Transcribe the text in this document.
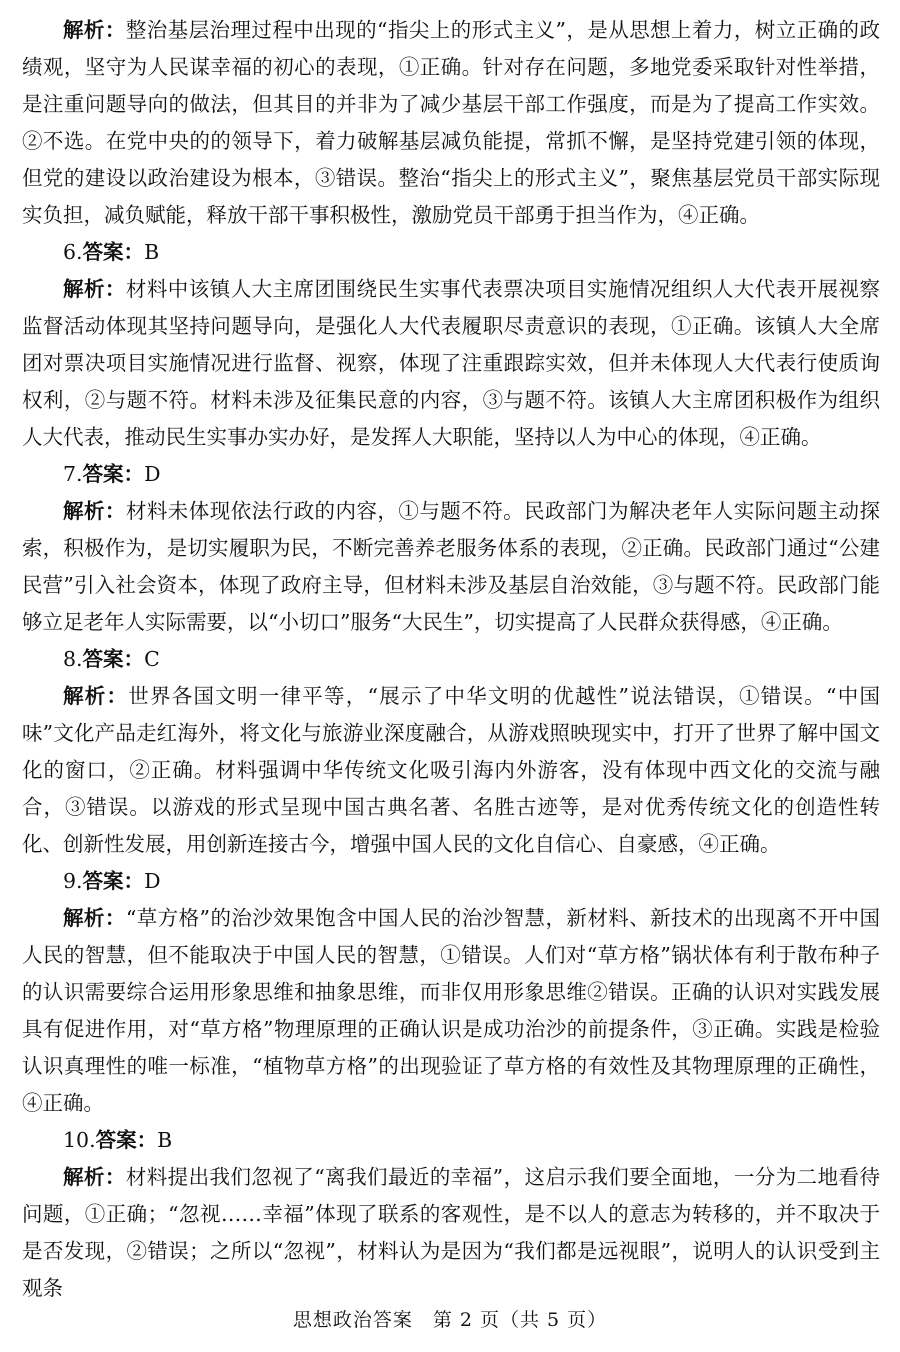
解析：整治基层治理过程中出现的“指尖上的形式主义”，是从思想上着力，树立正确的政绩观，坚守为人民谋幸福的初心的表现，①正确。针对存在问题，多地党委采取针对性举措，是注重问题导向的做法，但其目的并非为了减少基层干部工作强度，而是为了提高工作实效。②不选。在党中央的的领导下，着力破解基层减负能提，常抓不懈，是坚持党建引领的体现，但党的建设以政治建设为根本，③错误。整治“指尖上的形式主义”，聚焦基层党员干部实际现实负担，减负赋能，释放干部干事积极性，激励党员干部勇于担当作为，④正确。

6.答案：B

解析：材料中该镇人大主席团围绕民生实事代表票决项目实施情况组织人大代表开展视察监督活动体现其坚持问题导向，是强化人大代表履职尽责意识的表现，①正确。该镇人大全席团对票决项目实施情况进行监督、视察，体现了注重跟踪实效，但并未体现人大代表行使质询权利，②与题不符。材料未涉及征集民意的内容，③与题不符。该镇人大主席团积极作为组织人大代表，推动民生实事办实办好，是发挥人大职能，坚持以人为中心的体现，④正确。

7.答案：D

解析：材料未体现依法行政的内容，①与题不符。民政部门为解决老年人实际问题主动探索，积极作为，是切实履职为民，不断完善养老服务体系的表现，②正确。民政部门通过“公建民营”引入社会资本，体现了政府主导，但材料未涉及基层自治效能，③与题不符。民政部门能够立足老年人实际需要，以“小切口”服务“大民生”，切实提高了人民群众获得感，④正确。

8.答案：C

解析：世界各国文明一律平等，“展示了中华文明的优越性”说法错误，①错误。“中国味”文化产品走红海外，将文化与旅游业深度融合，从游戏照映现实中，打开了世界了解中国文化的窗口，②正确。材料强调中华传统文化吸引海内外游客，没有体现中西文化的交流与融合，③错误。以游戏的形式呈现中国古典名著、名胜古迹等，是对优秀传统文化的创造性转化、创新性发展，用创新连接古今，增强中国人民的文化自信心、自豪感，④正确。

9.答案：D

解析：“草方格”的治沙效果饱含中国人民的治沙智慧，新材料、新技术的出现离不开中国人民的智慧，但不能取决于中国人民的智慧，①错误。人们对“草方格”锅状体有利于散布种子的认识需要综合运用形象思维和抽象思维，而非仅用形象思维②错误。正确的认识对实践发展具有促进作用，对“草方格”物理原理的正确认识是成功治沙的前提条件，③正确。实践是检验认识真理性的唯一标准，“植物草方格”的出现验证了草方格的有效性及其物理原理的正确性，④正确。

10.答案：B

解析：材料提出我们忽视了“离我们最近的幸福”，这启示我们要全面地，一分为二地看待问题，①正确；“忽视……幸福”体现了联系的客观性，是不以人的意志为转移的，并不取决于是否发现，②错误；之所以“忽视”，材料认为是因为“我们都是远视眼”，说明人的认识受到主观条

思想政治答案　第 2 页（共 5 页）
